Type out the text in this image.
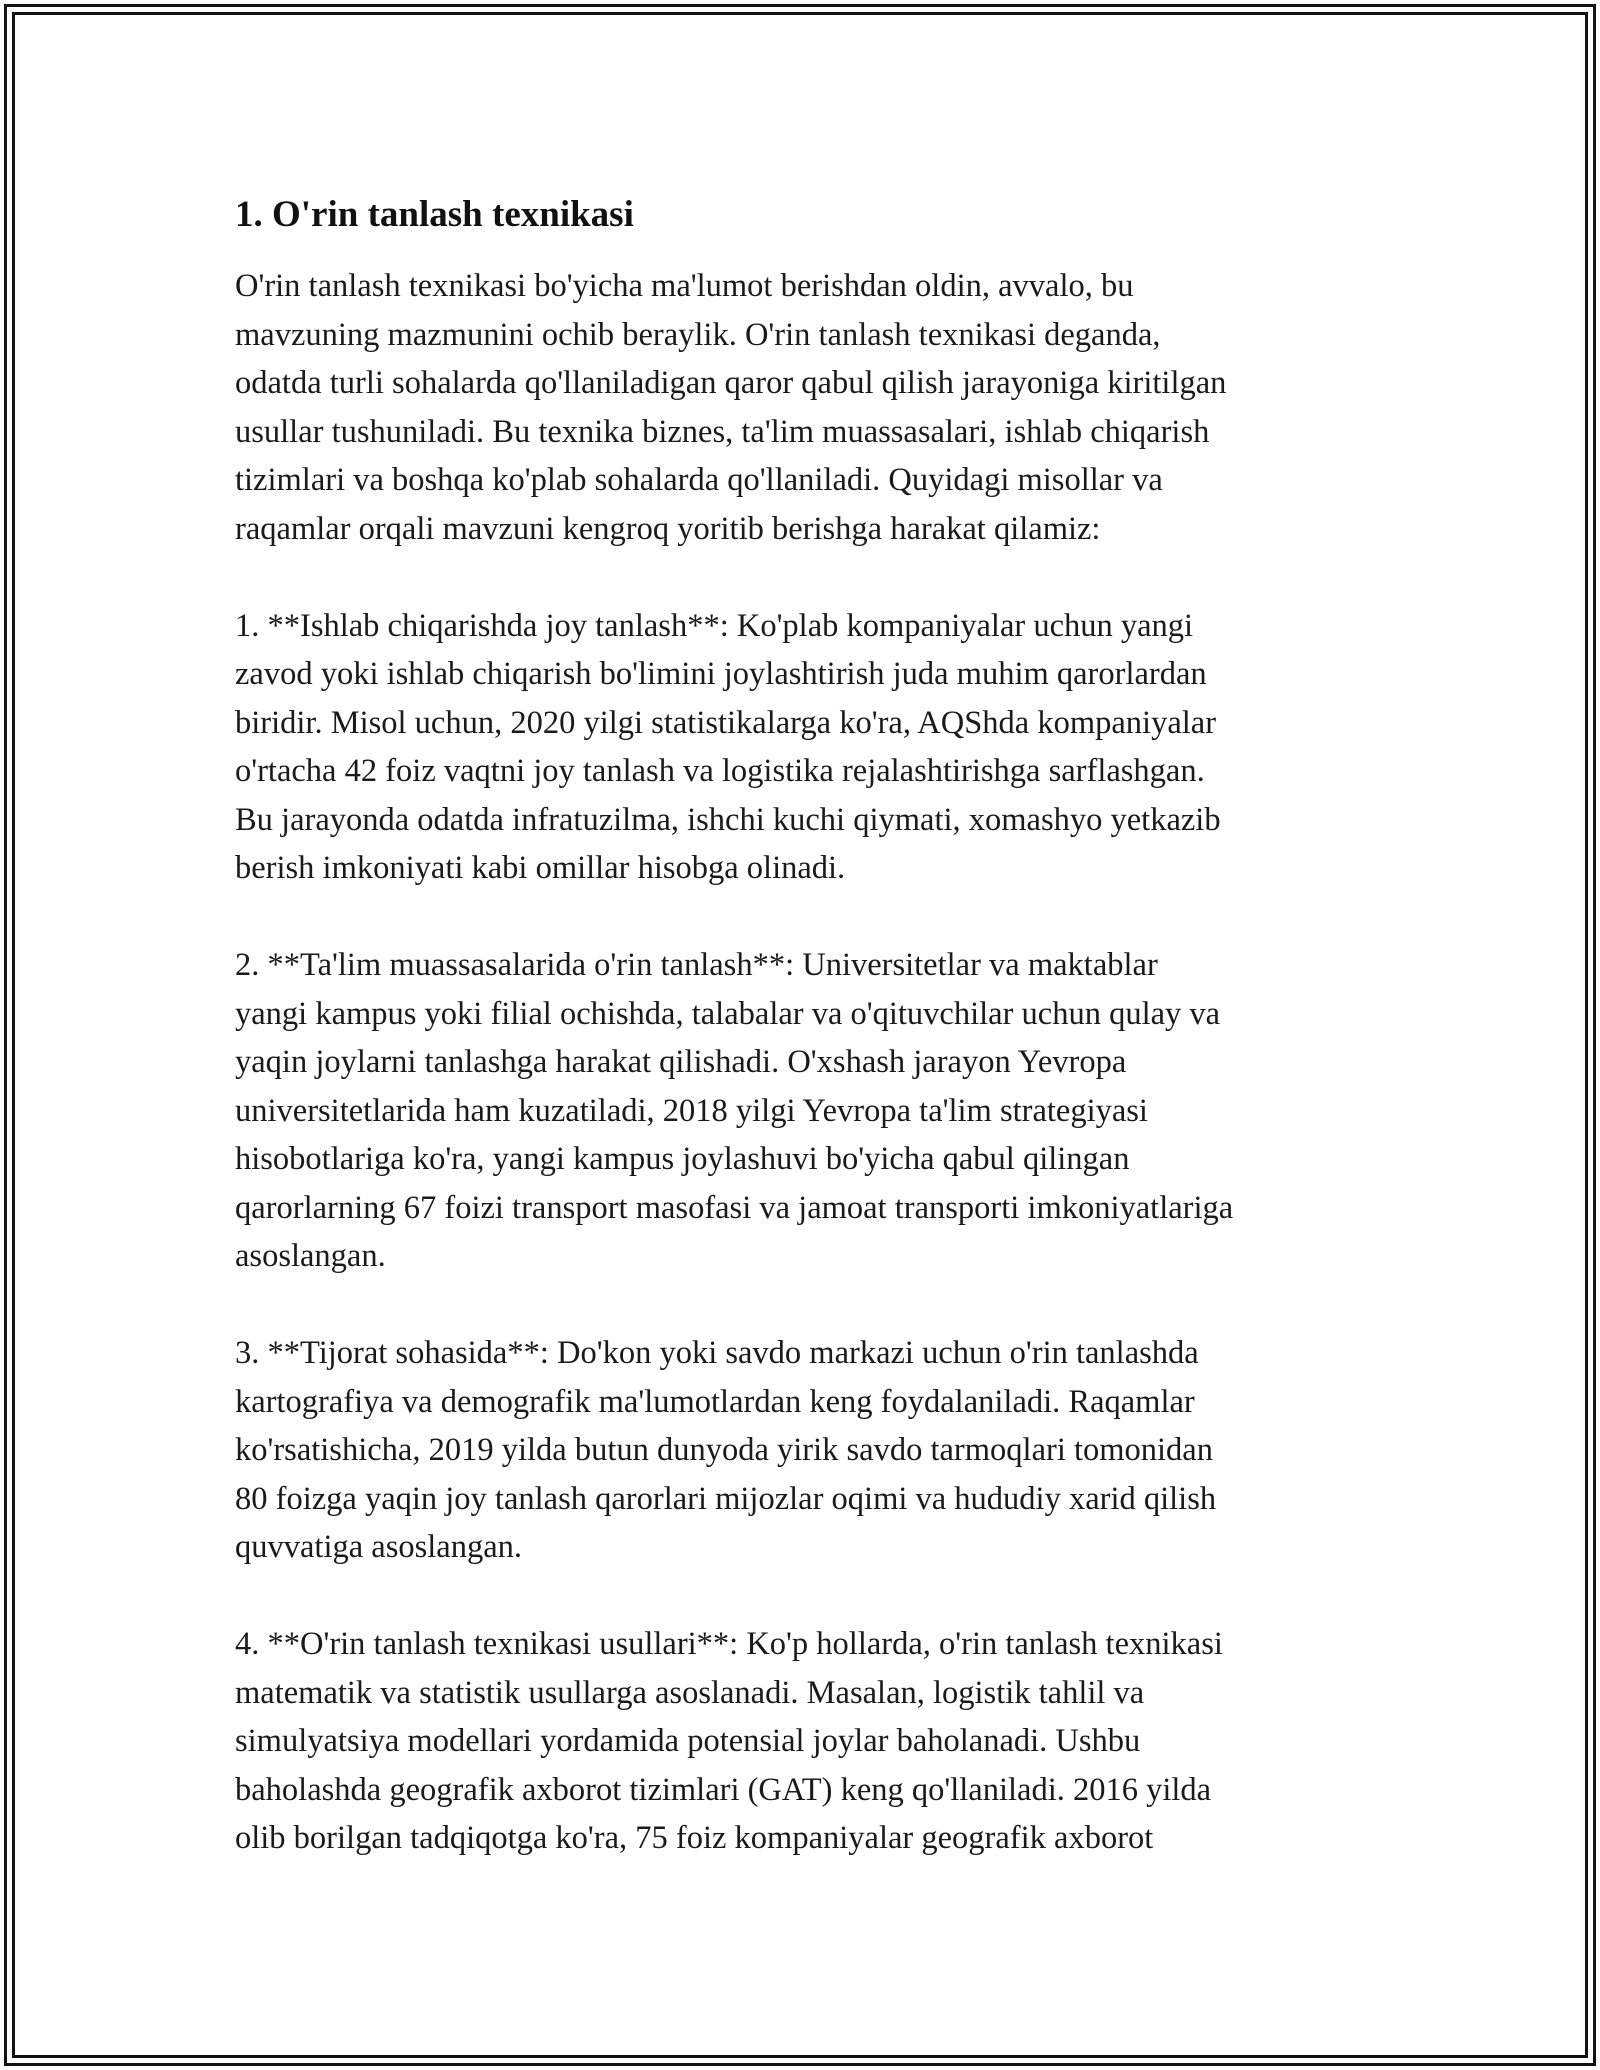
1. O'rin tanlash texnikasi

O'rin tanlash texnikasi bo'yicha ma'lumot berishdan oldin, avvalo, bu
mavzuning mazmunini ochib beraylik. O'rin tanlash texnikasi deganda,
odatda turli sohalarda qo'llaniladigan qaror qabul qilish jarayoniga kiritilgan
usullar tushuniladi. Bu texnika biznes, ta'lim muassasalari, ishlab chiqarish
tizimlari va boshqa ko'plab sohalarda qo'llaniladi. Quyidagi misollar va
raqamlar orqali mavzuni kengroq yoritib berishga harakat qilamiz:

1. **Ishlab chiqarishda joy tanlash**: Ko'plab kompaniyalar uchun yangi
zavod yoki ishlab chiqarish bo'limini joylashtirish juda muhim qarorlardan
biridir. Misol uchun, 2020 yilgi statistikalarga ko'ra, AQShda kompaniyalar
o'rtacha 42 foiz vaqtni joy tanlash va logistika rejalashtirishga sarflashgan.
Bu jarayonda odatda infratuzilma, ishchi kuchi qiymati, xomashyo yetkazib
berish imkoniyati kabi omillar hisobga olinadi.

2. **Ta'lim muassasalarida o'rin tanlash**: Universitetlar va maktablar
yangi kampus yoki filial ochishda, talabalar va o'qituvchilar uchun qulay va
yaqin joylarni tanlashga harakat qilishadi. O'xshash jarayon Yevropa
universitetlarida ham kuzatiladi, 2018 yilgi Yevropa ta'lim strategiyasi
hisobotlariga ko'ra, yangi kampus joylashuvi bo'yicha qabul qilingan
qarorlarning 67 foizi transport masofasi va jamoat transporti imkoniyatlariga
asoslangan.

3. **Tijorat sohasida**: Do'kon yoki savdo markazi uchun o'rin tanlashda
kartografiya va demografik ma'lumotlardan keng foydalaniladi. Raqamlar
ko'rsatishicha, 2019 yilda butun dunyoda yirik savdo tarmoqlari tomonidan
80 foizga yaqin joy tanlash qarorlari mijozlar oqimi va hududiy xarid qilish
quvvatiga asoslangan.

4. **O'rin tanlash texnikasi usullari**: Ko'p hollarda, o'rin tanlash texnikasi
matematik va statistik usullarga asoslanadi. Masalan, logistik tahlil va
simulyatsiya modellari yordamida potensial joylar baholanadi. Ushbu
baholashda geografik axborot tizimlari (GAT) keng qo'llaniladi. 2016 yilda
olib borilgan tadqiqotga ko'ra, 75 foiz kompaniyalar geografik axborot
